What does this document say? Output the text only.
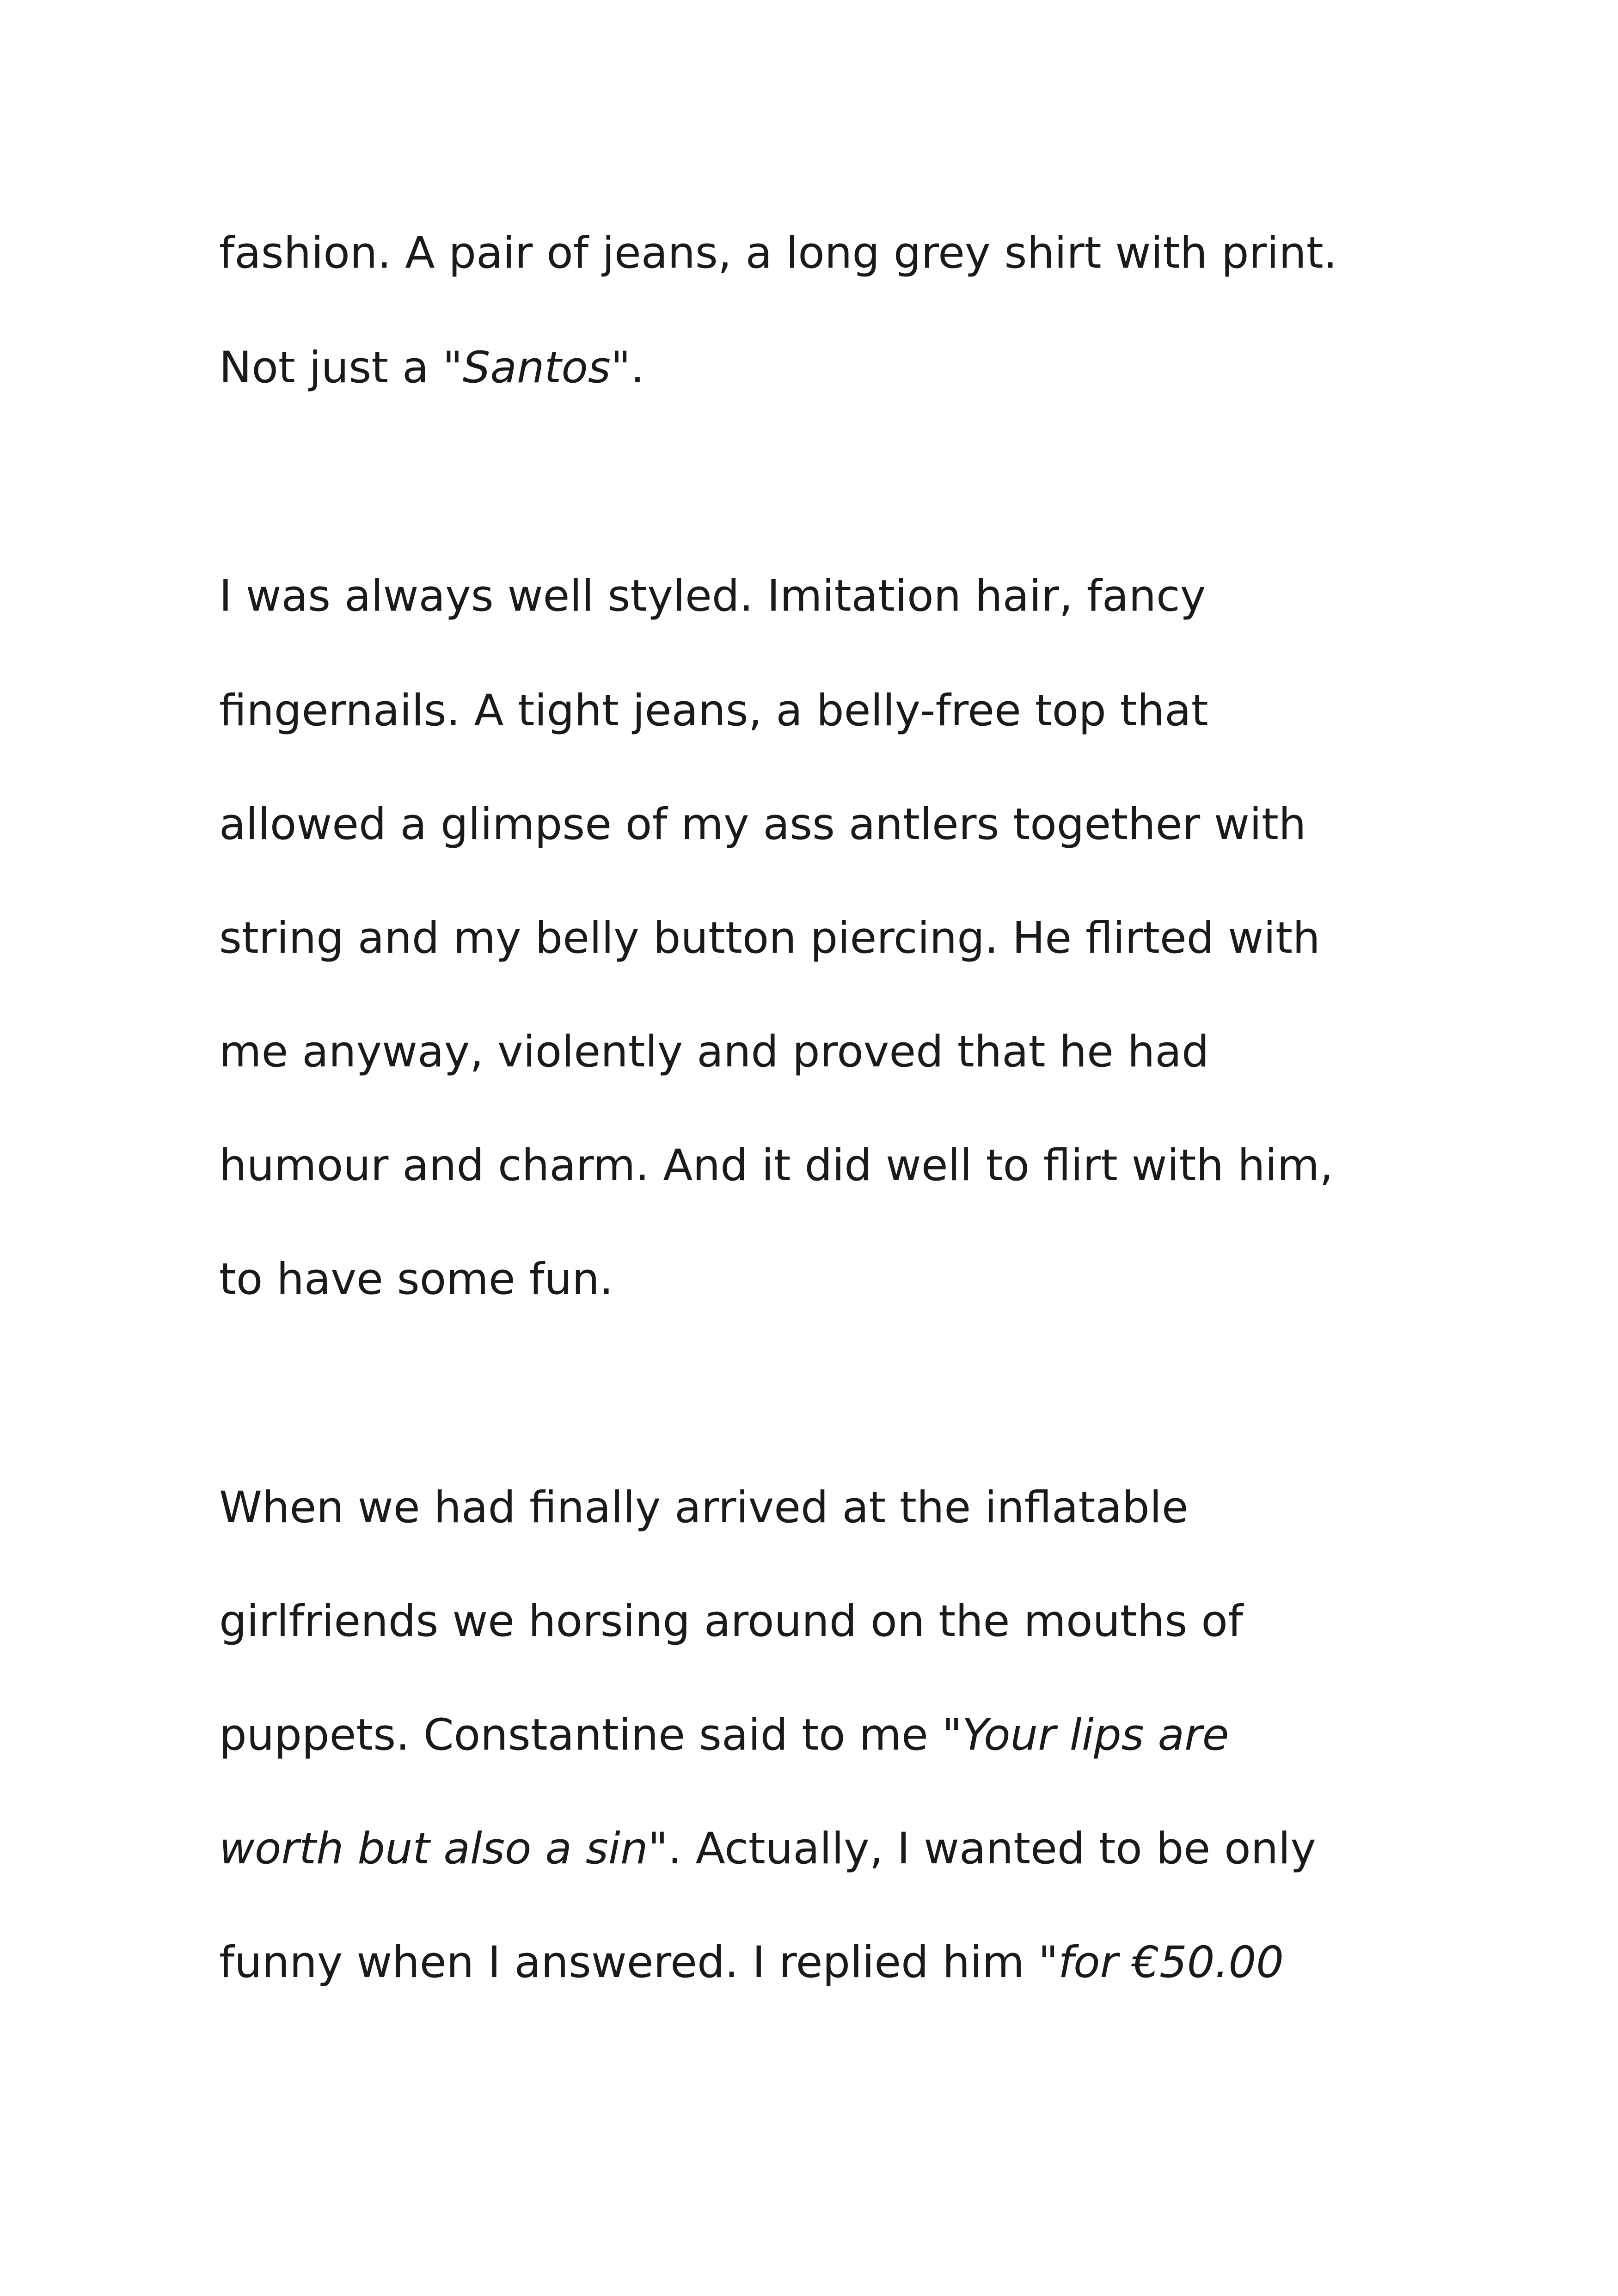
fashion. A pair of jeans, a long grey shirt with print.

Not just a "Santos".

I was always well styled. Imitation hair, fancy

fingernails. A tight jeans, a belly-free top that

allowed a glimpse of my ass antlers together with

string and my belly button piercing. He flirted with

me anyway, violently and proved that he had

humour and charm. And it did well to flirt with him,

to have some fun.

When we had finally arrived at the inflatable

girlfriends we horsing around on the mouths of

puppets. Constantine said to me "Your lips are

worth but also a sin". Actually, I wanted to be only

funny when I answered. I replied him "for €50.00
